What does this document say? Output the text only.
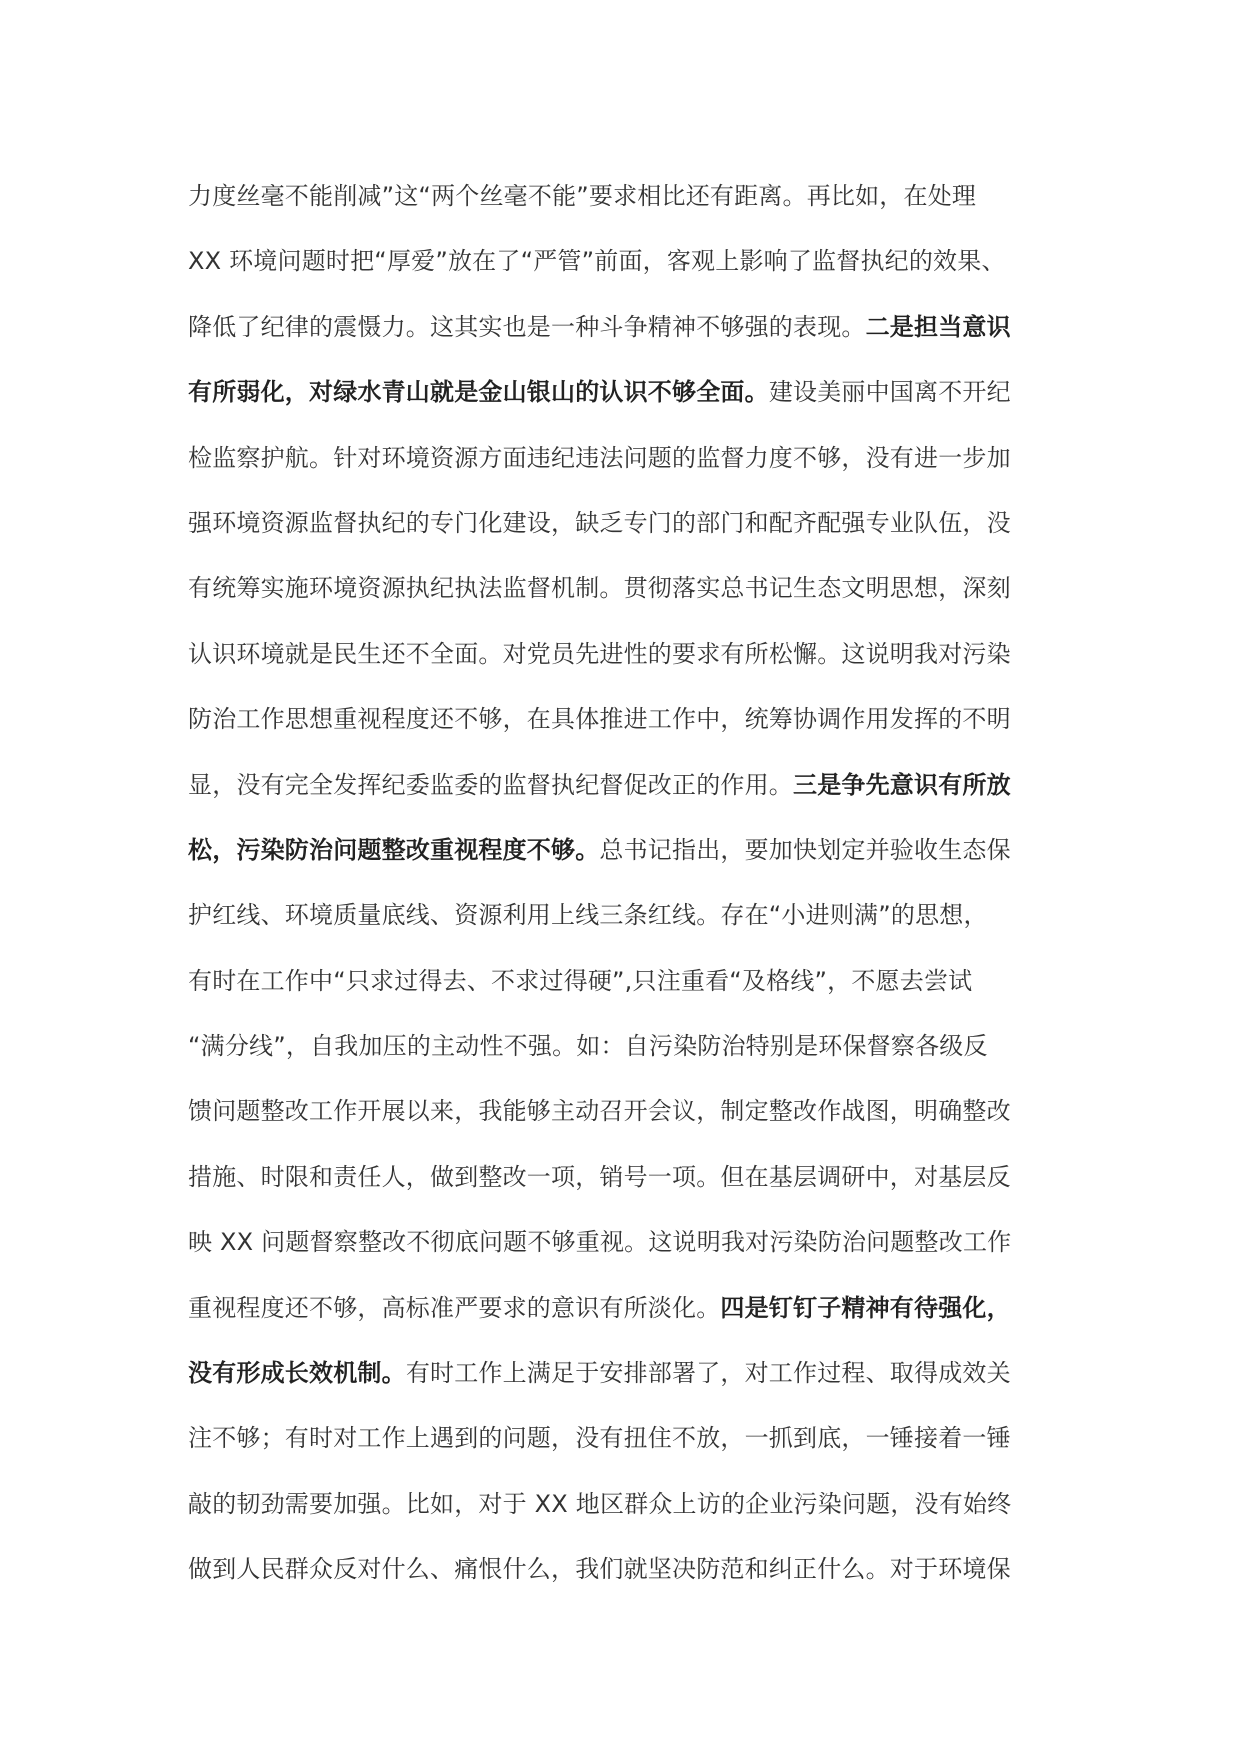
力度丝毫不能削减”这“两个丝毫不能”要求相比还有距离。再比如，在处理
XX 环境问题时把“厚爱”放在了“严管”前面，客观上影响了监督执纪的效果、
降低了纪律的震慑力。这其实也是一种斗争精神不够强的表现。二是担当意识
有所弱化，对绿水青山就是金山银山的认识不够全面。建设美丽中国离不开纪
检监察护航。针对环境资源方面违纪违法问题的监督力度不够，没有进一步加
强环境资源监督执纪的专门化建设，缺乏专门的部门和配齐配强专业队伍，没
有统筹实施环境资源执纪执法监督机制。贯彻落实总书记生态文明思想，深刻
认识环境就是民生还不全面。对党员先进性的要求有所松懈。这说明我对污染
防治工作思想重视程度还不够，在具体推进工作中，统筹协调作用发挥的不明
显，没有完全发挥纪委监委的监督执纪督促改正的作用。三是争先意识有所放
松，污染防治问题整改重视程度不够。总书记指出，要加快划定并验收生态保
护红线、环境质量底线、资源利用上线三条红线。存在“小进则满”的思想，
有时在工作中“只求过得去、不求过得硬”,只注重看“及格线”，不愿去尝试
“满分线”，自我加压的主动性不强。如：自污染防治特别是环保督察各级反
馈问题整改工作开展以来，我能够主动召开会议，制定整改作战图，明确整改
措施、时限和责任人，做到整改一项，销号一项。但在基层调研中，对基层反
映 XX 问题督察整改不彻底问题不够重视。这说明我对污染防治问题整改工作
重视程度还不够，高标准严要求的意识有所淡化。四是钉钉子精神有待强化，
没有形成长效机制。有时工作上满足于安排部署了，对工作过程、取得成效关
注不够；有时对工作上遇到的问题，没有扭住不放，一抓到底，一锤接着一锤
敲的韧劲需要加强。比如，对于 XX 地区群众上访的企业污染问题，没有始终
做到人民群众反对什么、痛恨什么，我们就坚决防范和纠正什么。对于环境保
